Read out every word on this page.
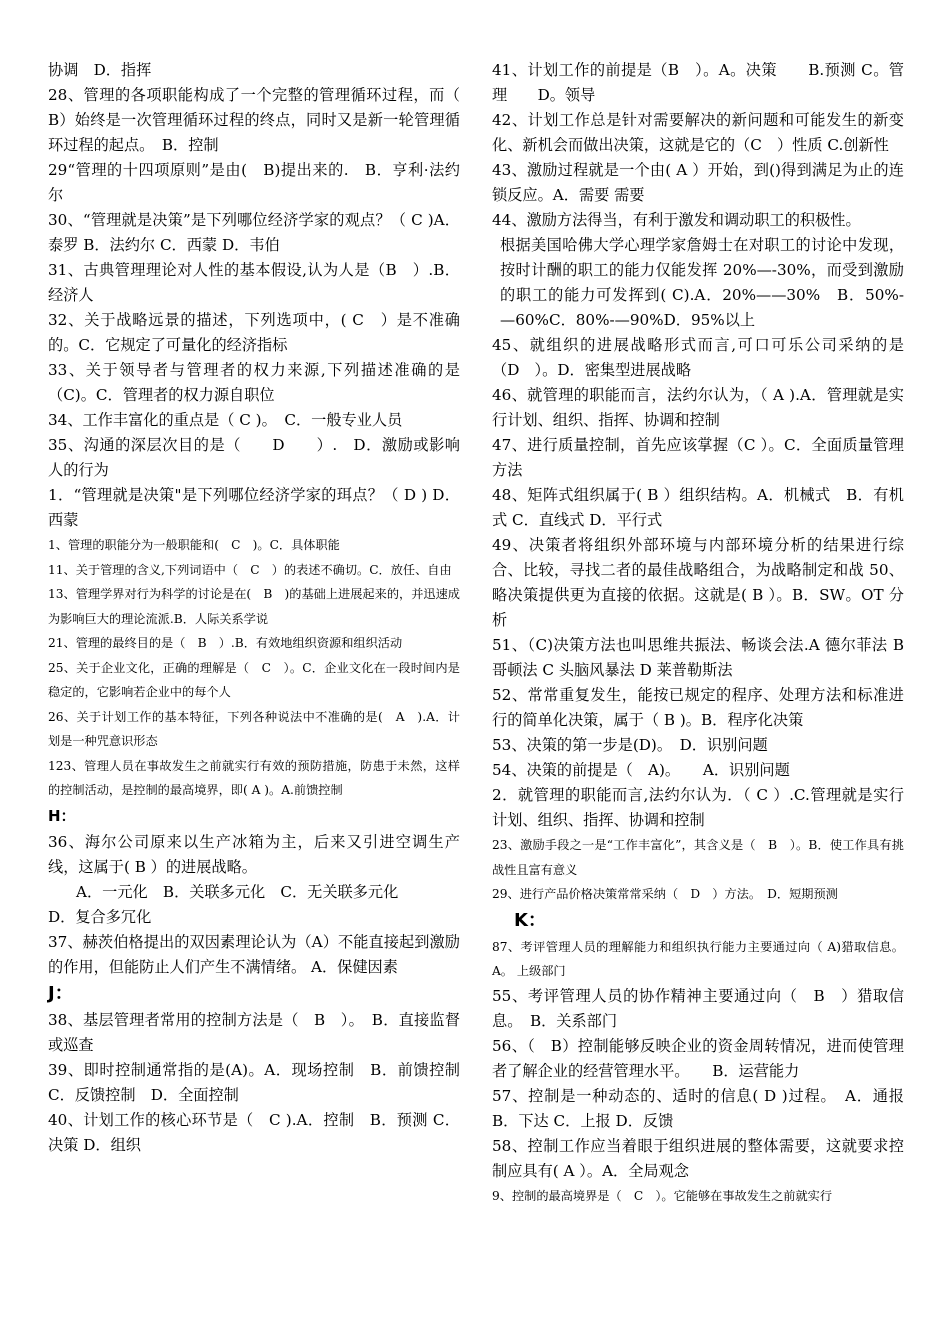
协调　D．指挥

28、管理的各项职能构成了一个完整的管理循环过程，而（　 B）始终是一次管理循环过程的终点，同时又是新一轮管理循环过程的起点。　B．控制

29“管理的十四项原则”是由(　B)提出来的.　B．亨利·法约尔

30、“管理就是决策”是下列哪位经济学家的观点？（ C )A．泰罗 B．法约尔 C．西蒙 D．韦伯

31、古典管理理论对人性的基本假设,认为人是（B　）.B．经济人

32、关于战略远景的描述，下列选项中，( C　）是不准确的。C．它规定了可量化的经济指标

33、关于领导者与管理者的权力来源,下列描述准确的是（C)。C．管理者的权力源自职位

34、工作丰富化的重点是（ C )。　C．一般专业人员

35、沟通的深层次目的是（　　D　　）.　D．激励或影响人的行为

1．“管理就是决策"是下列哪位经济学家的珥点？（ D ) D．西蒙

1、管理的职能分为一般职能和(　C　)。C．具体职能

11、关于管理的含义,下列词语中（　C　）的表述不确切。C．放任、自由

13、管理学界对行为科学的讨论是在(　B　)的基础上进展起来的，并迅速成为影响巨大的理论流派.B．人际关系学说

21、管理的最终目的是（　B　）.B．有效地组织资源和组织活动

25、关于企业文化，正确的理解是（　C　）。C．企业文化在一段时间内是稳定的，它影响若企业中的每个人

26、关于计划工作的基本特征，下列各种说法中不准确的是(　A　).A．计划是一种咒意识形态

123、管理人员在事故发生之前就实行有效的预防措施，防患于未然，这样的控制活动，是控制的最高境界，即( A )。A.前馈控制

H：

36、海尔公司原来以生产冰箱为主，后来又引进空调生产线，这属于( B ）的进展战略。

A．一元化　B．关联多元化　C．无关联多元化

D．复合多冗化

37、赫茨伯格提出的双因素理论认为（A）不能直接起到激励的作用，但能防止人们产生不满情绪。 A．保健因素

J：

38、基层管理者常用的控制方法是（　B　）。　B．直接监督或巡查

39、即时控制通常指的是(A)。A．现场控制　B．前馈控制 C．反馈控制　D．全面控制

40、计划工作的核心环节是（　C ).A．控制　B．预测 C．决策 D．组织

41、计划工作的前提是（B　）。A。决策　　B.预测 C。管理　　D。领导

42、计划工作总是针对需要解决的新问题和可能发生的新变化、新机会而做出决策，这就是它的（C　）性质 C.创新性

43、激励过程就是一个由( A ）开始，到()得到满足为止的连锁反应。A．需要 需要

44、激励方法得当，有利于激发和调动职工的积极性。

根据美国哈佛大学心理学家詹姆士在对职工的讨论中发现，按时计酬的职工的能力仅能发挥 20%—-30%，而受到激励的职工的能力可发挥到( C).A．20%——30%　B．50%-—60%C．80%-—90%D．95%以上

45、就组织的进展战略形式而言,可口可乐公司采纳的是（D　）。D．密集型进展战略

46、就管理的职能而言，法约尔认为，（ A ).A．管理就是实行计划、组织、指挥、协调和控制

47、进行质量控制，首先应该掌握（C ）。C．全面质量管理方法

48、矩阵式组织属于( B ）组织结构。A．机械式　B．有机式 C．直线式 D．平行式

49、决策者将组织外部环境与内部环境分析的结果进行综合、比较，寻找二者的最佳战略组合，为战略制定和战 50、略决策提供更为直接的依据。这就是( B ）。B．SW。OT 分析

51、（C)决策方法也叫思维共振法、畅谈会法.A 德尔菲法 B 哥顿法 C 头脑风暴法 D 莱普勒斯法

52、常常重复发生，能按已规定的程序、处理方法和标准进行的简单化决策，属于（ B )。B．程序化决策

53、决策的第一步是(D)。　D．识别问题

54、决策的前提是（　A)。　　A．识别问题

2．就管理的职能而言,法约尔认为．（ C ）.C.管理就是实行计划、组织、指挥、协调和控制

23、激励手段之一是“工作丰富化”，其含义是（　B　）。B．使工作具有挑战性且富有意义

29、进行产品价格决策常常采纳（　D　）方法。　D．短期预测

K：

87、考评管理人员的理解能力和组织执行能力主要通过向（ A)猎取信息。A。 上级部门

55、考评管理人员的协作精神主要通过向（　B　）猎取信息。　B．关系部门

56、（　B）控制能够反映企业的资金周转情况，进而使管理者了解企业的经营管理水平。　　B．运营能力

57、控制是一种动态的、适时的信息( D )过程。　A．通报 B．下达 C．上报 D．反馈

58、控制工作应当着眼于组织进展的整体需要，这就要求控制应具有( A ）。A．全局观念

9、控制的最高境界是（　C　）。它能够在事故发生之前就实行
